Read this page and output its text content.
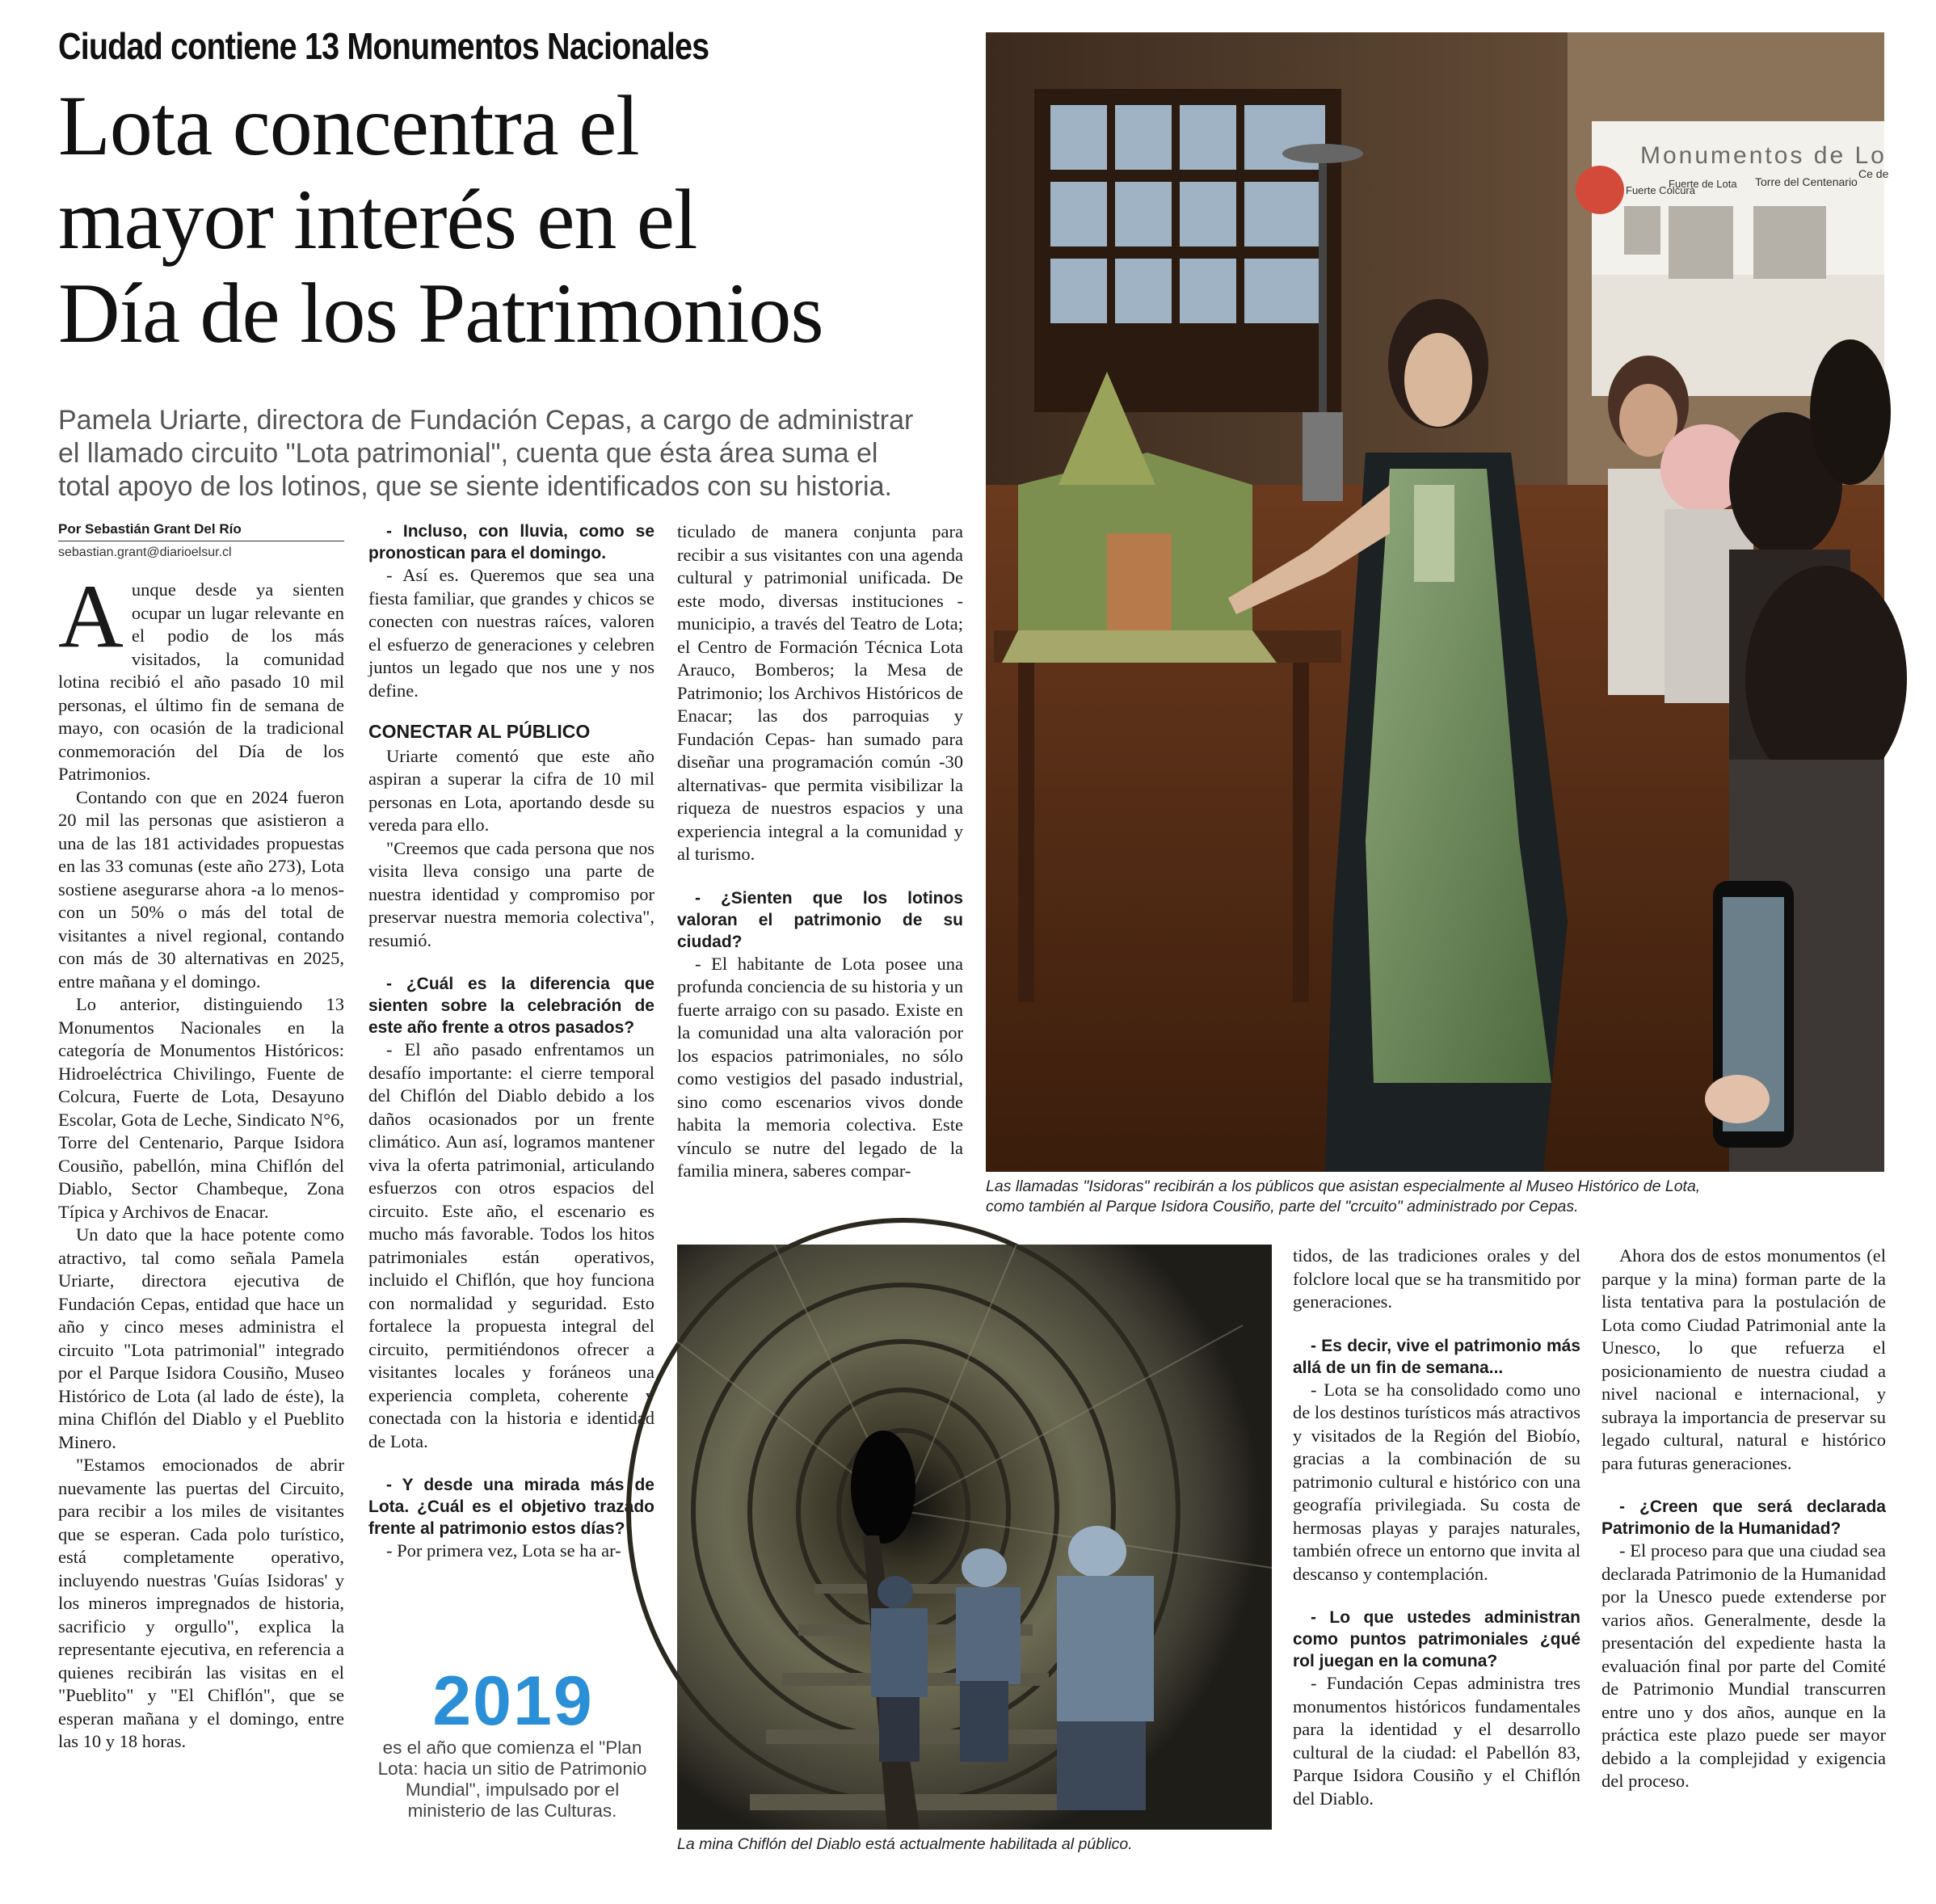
Ciudad contiene 13 Monumentos Nacionales
Lota concentra el
mayor interés en el
Día de los Patrimonios
Pamela Uriarte, directora de Fundación Cepas, a cargo de administrar
el llamado circuito "Lota patrimonial", cuenta que ésta área suma el
total apoyo de los lotinos, que se siente identificados con su historia.
Por Sebastián Grant Del Río
sebastian.grant@diarioelsur.cl

Aunque desde ya sienten ocupar un lugar relevante en el podio de los más visitados, la comunidad lotina recibió el año pasado 10 mil personas, el último fin de semana de mayo, con ocasión de la tradicional conmemoración del Día de los Patrimonios.

Contando con que en 2024 fueron 20 mil las personas que asistieron a una de las 181 actividades propuestas en las 33 comunas (este año 273), Lota sostiene asegurarse ahora -a lo menos- con un 50% o más del total de visitantes a nivel regional, contando con más de 30 alternativas en 2025, entre mañana y el domingo.

Lo anterior, distinguiendo 13 Monumentos Nacionales en la categoría de Monumentos Históricos: Hidroeléctrica Chivilingo, Fuente de Colcura, Fuerte de Lota, Desayuno Escolar, Gota de Leche, Sindicato N°6, Torre del Centenario, Parque Isidora Cousiño, pabellón, mina Chiflón del Diablo, Sector Chambeque, Zona Típica y Archivos de Enacar.

Un dato que la hace potente como atractivo, tal como señala Pamela Uriarte, directora ejecutiva de Fundación Cepas, entidad que hace un año y cinco meses administra el circuito "Lota patrimonial" integrado por el Parque Isidora Cousiño, Museo Histórico de Lota (al lado de éste), la mina Chiflón del Diablo y el Pueblito Minero.

"Estamos emocionados de abrir nuevamente las puertas del Circuito, para recibir a los miles de visitantes que se esperan. Cada polo turístico, está completamente operativo, incluyendo nuestras 'Guías Isidoras' y los mineros impregnados de historia, sacrificio y orgullo", explica la representante ejecutiva, en referencia a quienes recibirán las visitas en el "Pueblito" y "El Chiflón", que se esperan mañana y el domingo, entre las 10 y 18 horas.

- Incluso, con lluvia, como se pronostican para el domingo.

- Así es. Queremos que sea una fiesta familiar, que grandes y chicos se conecten con nuestras raíces, valoren el esfuerzo de generaciones y celebren juntos un legado que nos une y nos define.

CONECTAR AL PÚBLICO

Uriarte comentó que este año aspiran a superar la cifra de 10 mil personas en Lota, aportando desde su vereda para ello.

"Creemos que cada persona que nos visita lleva consigo una parte de nuestra identidad y compromiso por preservar nuestra memoria colectiva", resumió.

- ¿Cuál es la diferencia que sienten sobre la celebración de este año frente a otros pasados?

- El año pasado enfrentamos un desafío importante: el cierre temporal del Chiflón del Diablo debido a los daños ocasionados por un frente climático. Aun así, logramos mantener viva la oferta patrimonial, articulando esfuerzos con otros espacios del circuito. Este año, el escenario es mucho más favorable. Todos los hitos patrimoniales están operativos, incluido el Chiflón, que hoy funciona con normalidad y seguridad. Esto fortalece la propuesta integral del circuito, permitiéndonos ofrecer a visitantes locales y foráneos una experiencia completa, coherente y conectada con la historia e identidad de Lota.

- Y desde una mirada más de Lota. ¿Cuál es el objetivo trazado frente al patrimonio estos días?

- Por primera vez, Lota se ha ar-

ticulado de manera conjunta para recibir a sus visitantes con una agenda cultural y patrimonial unificada. De este modo, diversas instituciones -municipio, a través del Teatro de Lota; el Centro de Formación Técnica Lota Arauco, Bomberos; la Mesa de Patrimonio; los Archivos Históricos de Enacar; las dos parroquias y Fundación Cepas- han sumado para diseñar una programación común -30 alternativas- que permita visibilizar la riqueza de nuestros espacios y una experiencia integral a la comunidad y al turismo.

- ¿Sienten que los lotinos valoran el patrimonio de su ciudad?

- El habitante de Lota posee una profunda conciencia de su historia y un fuerte arraigo con su pasado. Existe en la comunidad una alta valoración por los espacios patrimoniales, no sólo como vestigios del pasado industrial, sino como escenarios vivos donde habita la memoria colectiva. Este vínculo se nutre del legado de la familia minera, saberes compar-

Monumentos de Lo
Fuerte Colcura
Fuerte de Lota Torre del Centenario
Ce de
Las llamadas "Isidoras" recibirán a los públicos que asistan especialmente al Museo Histórico de Lota,
como también al Parque Isidora Cousiño, parte del "crcuito" administrado por Cepas.
La mina Chiflón del Diablo está actualmente habilitada al público.
2019
es el año que comienza el "Plan Lota: hacia un sitio de Patrimonio Mundial", impulsado por el ministerio de las Culturas.

tidos, de las tradiciones orales y del folclore local que se ha transmitido por generaciones.

- Es decir, vive el patrimonio más allá de un fin de semana...

- Lota se ha consolidado como uno de los destinos turísticos más atractivos y visitados de la Región del Biobío, gracias a la combinación de su patrimonio cultural e histórico con una geografía privilegiada. Su costa de hermosas playas y parajes naturales, también ofrece un entorno que invita al descanso y contemplación.

- Lo que ustedes administran como puntos patrimoniales ¿qué rol juegan en la comuna?

- Fundación Cepas administra tres monumentos históricos fundamentales para la identidad y el desarrollo cultural de la ciudad: el Pabellón 83, Parque Isidora Cousiño y el Chiflón del Diablo.

Ahora dos de estos monumentos (el parque y la mina) forman parte de la lista tentativa para la postulación de Lota como Ciudad Patrimonial ante la Unesco, lo que refuerza el posicionamiento de nuestra ciudad a nivel nacional e internacional, y subraya la importancia de preservar su legado cultural, natural e histórico para futuras generaciones.

- ¿Creen que será declarada Patrimonio de la Humanidad?

- El proceso para que una ciudad sea declarada Patrimonio de la Humanidad por la Unesco puede extenderse por varios años. Generalmente, desde la presentación del expediente hasta la evaluación final por parte del Comité de Patrimonio Mundial transcurren entre uno y dos años, aunque en la práctica este plazo puede ser mayor debido a la complejidad y exigencia del proceso.
